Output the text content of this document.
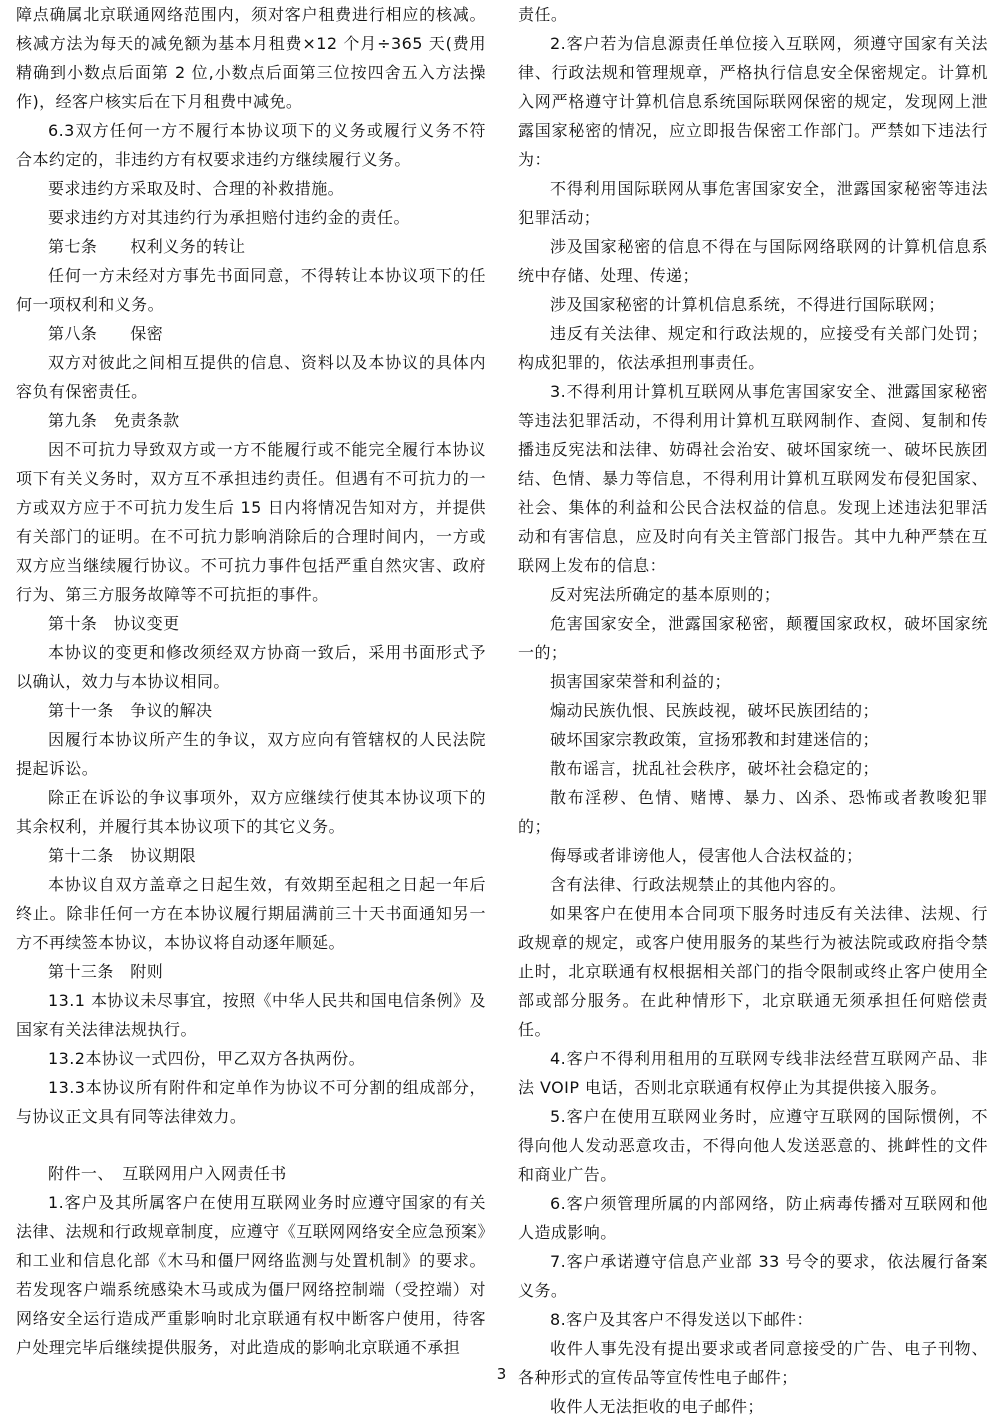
障点确属北京联通网络范围内，须对客户租费进行相应的核减。核减方法为每天的减免额为基本月租费×12 个月÷365 天(费用精确到小数点后面第 2 位,小数点后面第三位按四舍五入方法操作)，经客户核实后在下月租费中减免。

6.3双方任何一方不履行本协议项下的义务或履行义务不符合本约定的，非违约方有权要求违约方继续履行义务。

要求违约方采取及时、合理的补救措施。

要求违约方对其违约行为承担赔付违约金的责任。

第七条　　权利义务的转让

任何一方未经对方事先书面同意，不得转让本协议项下的任何一项权利和义务。

第八条　　保密

双方对彼此之间相互提供的信息、资料以及本协议的具体内容负有保密责任。

第九条　免责条款

因不可抗力导致双方或一方不能履行或不能完全履行本协议项下有关义务时，双方互不承担违约责任。但遇有不可抗力的一方或双方应于不可抗力发生后 15 日内将情况告知对方，并提供有关部门的证明。在不可抗力影响消除后的合理时间内，一方或双方应当继续履行协议。不可抗力事件包括严重自然灾害、政府行为、第三方服务故障等不可抗拒的事件。

第十条　协议变更

本协议的变更和修改须经双方协商一致后，采用书面形式予以确认，效力与本协议相同。

第十一条　争议的解决

因履行本协议所产生的争议，双方应向有管辖权的人民法院提起诉讼。

除正在诉讼的争议事项外，双方应继续行使其本协议项下的其余权利，并履行其本协议项下的其它义务。

第十二条　协议期限

本协议自双方盖章之日起生效，有效期至起租之日起一年后终止。除非任何一方在本协议履行期届满前三十天书面通知另一方不再续签本协议，本协议将自动逐年顺延。

第十三条　附则

13.1 本协议未尽事宜，按照《中华人民共和国电信条例》及国家有关法律法规执行。

13.2本协议一式四份，甲乙双方各执两份。

13.3本协议所有附件和定单作为协议不可分割的组成部分，与协议正文具有同等法律效力。

附件一、　互联网用户入网责任书

1.客户及其所属客户在使用互联网业务时应遵守国家的有关法律、法规和行政规章制度，应遵守《互联网网络安全应急预案》和工业和信息化部《木马和僵尸网络监测与处置机制》的要求。若发现客户端系统感染木马或成为僵尸网络控制端（受控端）对网络安全运行造成严重影响时北京联通有权中断客户使用，待客户处理完毕后继续提供服务，对此造成的影响北京联通不承担

责任。

2.客户若为信息源责任单位接入互联网，须遵守国家有关法律、行政法规和管理规章，严格执行信息安全保密规定。计算机入网严格遵守计算机信息系统国际联网保密的规定，发现网上泄露国家秘密的情况，应立即报告保密工作部门。严禁如下违法行为：

不得利用国际联网从事危害国家安全，泄露国家秘密等违法犯罪活动；

涉及国家秘密的信息不得在与国际网络联网的计算机信息系统中存储、处理、传递；

涉及国家秘密的计算机信息系统，不得进行国际联网；

违反有关法律、规定和行政法规的，应接受有关部门处罚；构成犯罪的，依法承担刑事责任。

3.不得利用计算机互联网从事危害国家安全、泄露国家秘密等违法犯罪活动，不得利用计算机互联网制作、查阅、复制和传播违反宪法和法律、妨碍社会治安、破坏国家统一、破坏民族团结、色情、暴力等信息，不得利用计算机互联网发布侵犯国家、社会、集体的利益和公民合法权益的信息。发现上述违法犯罪活动和有害信息，应及时向有关主管部门报告。其中九种严禁在互联网上发布的信息：

反对宪法所确定的基本原则的；

危害国家安全，泄露国家秘密，颠覆国家政权，破坏国家统一的；

损害国家荣誉和利益的；

煽动民族仇恨、民族歧视，破坏民族团结的；

破坏国家宗教政策，宣扬邪教和封建迷信的；

散布谣言，扰乱社会秩序，破坏社会稳定的；

散布淫秽、色情、赌博、暴力、凶杀、恐怖或者教唆犯罪的；

侮辱或者诽谤他人，侵害他人合法权益的；

含有法律、行政法规禁止的其他内容的。

如果客户在使用本合同项下服务时违反有关法律、法规、行政规章的规定，或客户使用服务的某些行为被法院或政府指令禁止时，北京联通有权根据相关部门的指令限制或终止客户使用全部或部分服务。在此种情形下，北京联通无须承担任何赔偿责任。

4.客户不得利用租用的互联网专线非法经营互联网产品、非法 VOIP 电话，否则北京联通有权停止为其提供接入服务。

5.客户在使用互联网业务时，应遵守互联网的国际惯例，不得向他人发动恶意攻击，不得向他人发送恶意的、挑衅性的文件和商业广告。

6.客户须管理所属的内部网络，防止病毒传播对互联网和他人造成影响。

7.客户承诺遵守信息产业部 33 号令的要求，依法履行备案义务。

8.客户及其客户不得发送以下邮件：

收件人事先没有提出要求或者同意接受的广告、电子刊物、各种形式的宣传品等宣传性电子邮件；

收件人无法拒收的电子邮件；

3
